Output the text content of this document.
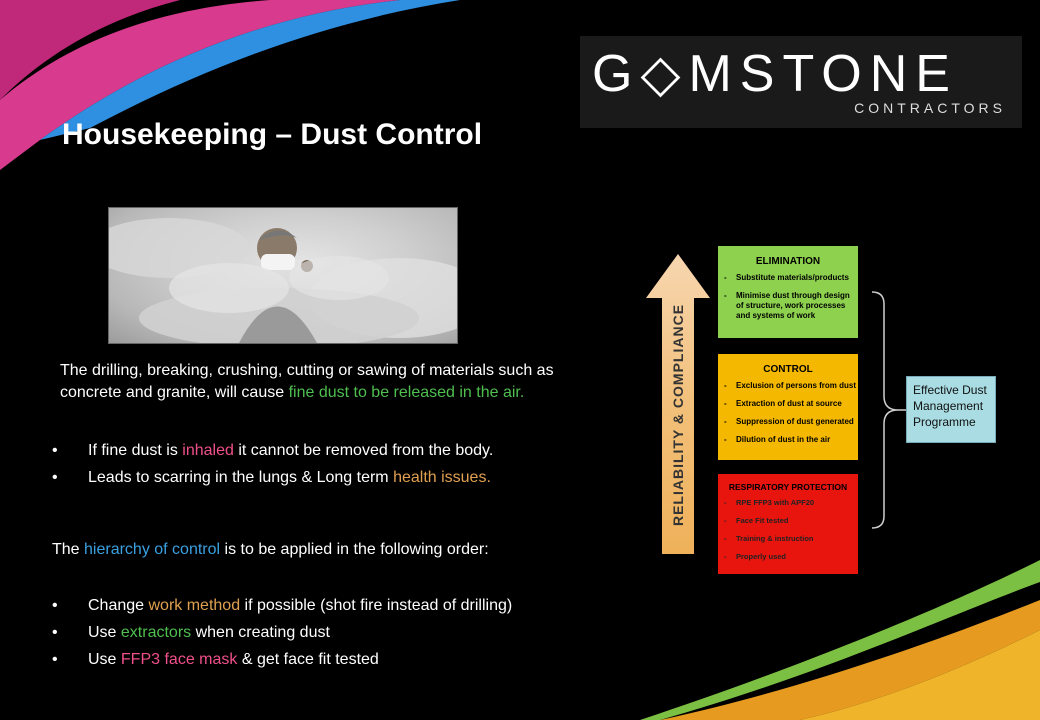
G◇MSTONE
CONTRACTORS
Housekeeping – Dust Control

The drilling, breaking, crushing, cutting or sawing of materials such as concrete and granite, will cause fine dust to be released in the air.

• If fine dust is inhaled it cannot be removed from the body.
• Leads to scarring in the lungs & Long term health issues.

The hierarchy of control is to be applied in the following order:

• Change work method if possible (shot fire instead of drilling)
• Use extractors when creating dust
• Use FFP3 face mask & get face fit tested
RELIABILITY & COMPLIANCE
ELIMINATION
- Substitute materials/products
- Minimise dust through design of structure, work processes and systems of work
CONTROL
- Exclusion of persons from dust
- Extraction of dust at source
- Suppression of dust generated
- Dilution of dust in the air
RESPIRATORY PROTECTION
- RPE FFP3 with APF20
- Face Fit tested
- Training & instruction
- Properly used
Effective Dust Management Programme
